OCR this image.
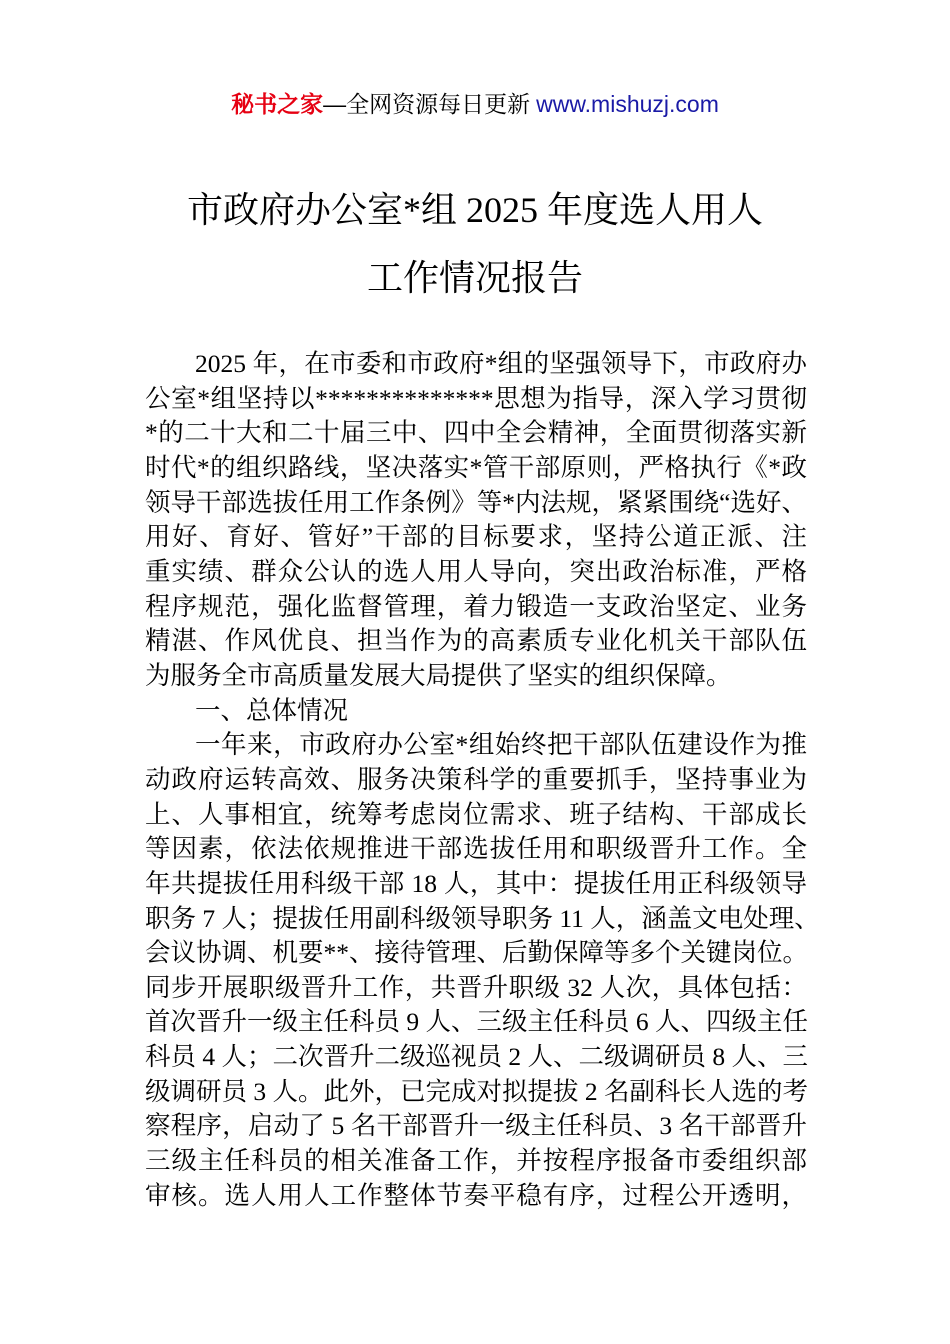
秘书之家—全网资源每日更新 www.mishuzj.com
市政府办公室*组 2025 年度选人用人
工作情况报告
2025 年，在市委和市政府*组的坚强领导下，市政府办
公室*组坚持以**************思想为指导，深入学习贯彻
*的二十大和二十届三中、四中全会精神，全面贯彻落实新
时代*的组织路线，坚决落实*管干部原则，严格执行《*政
领导干部选拔任用工作条例》等*内法规，紧紧围绕“选好、
用好、育好、管好”干部的目标要求，坚持公道正派、注
重实绩、群众公认的选人用人导向，突出政治标准，严格
程序规范，强化监督管理，着力锻造一支政治坚定、业务
精湛、作风优良、担当作为的高素质专业化机关干部队伍
为服务全市高质量发展大局提供了坚实的组织保障。
一、总体情况
一年来，市政府办公室*组始终把干部队伍建设作为推
动政府运转高效、服务决策科学的重要抓手，坚持事业为
上、人事相宜，统筹考虑岗位需求、班子结构、干部成长
等因素，依法依规推进干部选拔任用和职级晋升工作。全
年共提拔任用科级干部 18 人，其中：提拔任用正科级领导
职务 7 人；提拔任用副科级领导职务 11 人，涵盖文电处理、
会议协调、机要**、接待管理、后勤保障等多个关键岗位。
同步开展职级晋升工作，共晋升职级 32 人次，具体包括：
首次晋升一级主任科员 9 人、三级主任科员 6 人、四级主任
科员 4 人；二次晋升二级巡视员 2 人、二级调研员 8 人、三
级调研员 3 人。此外，已完成对拟提拔 2 名副科长人选的考
察程序，启动了 5 名干部晋升一级主任科员、3 名干部晋升
三级主任科员的相关准备工作，并按程序报备市委组织部
审核。选人用人工作整体节奏平稳有序，过程公开透明，
